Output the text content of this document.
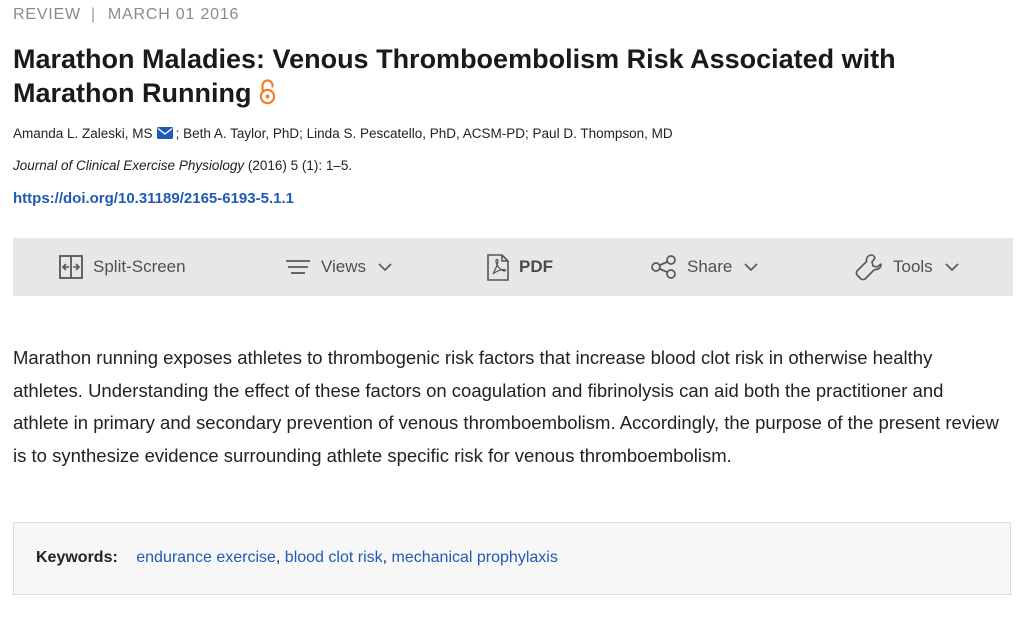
REVIEW | MARCH 01 2016
Marathon Maladies: Venous Thromboembolism Risk Associated with Marathon Running
Amanda L. Zaleski, MS ; Beth A. Taylor, PhD; Linda S. Pescatello, PhD, ACSM-PD; Paul D. Thompson, MD
Journal of Clinical Exercise Physiology (2016) 5 (1): 1–5.
https://doi.org/10.31189/2165-6193-5.1.1
Split-Screen	Views	PDF	Share	Tools

Marathon running exposes athletes to thrombogenic risk factors that increase blood clot risk in otherwise healthy athletes. Understanding the effect of these factors on coagulation and fibrinolysis can aid both the practitioner and athlete in primary and secondary prevention of venous thromboembolism. Accordingly, the purpose of the present review is to synthesize evidence surrounding athlete specific risk for venous thromboembolism.

Keywords: endurance exercise, blood clot risk, mechanical prophylaxis
